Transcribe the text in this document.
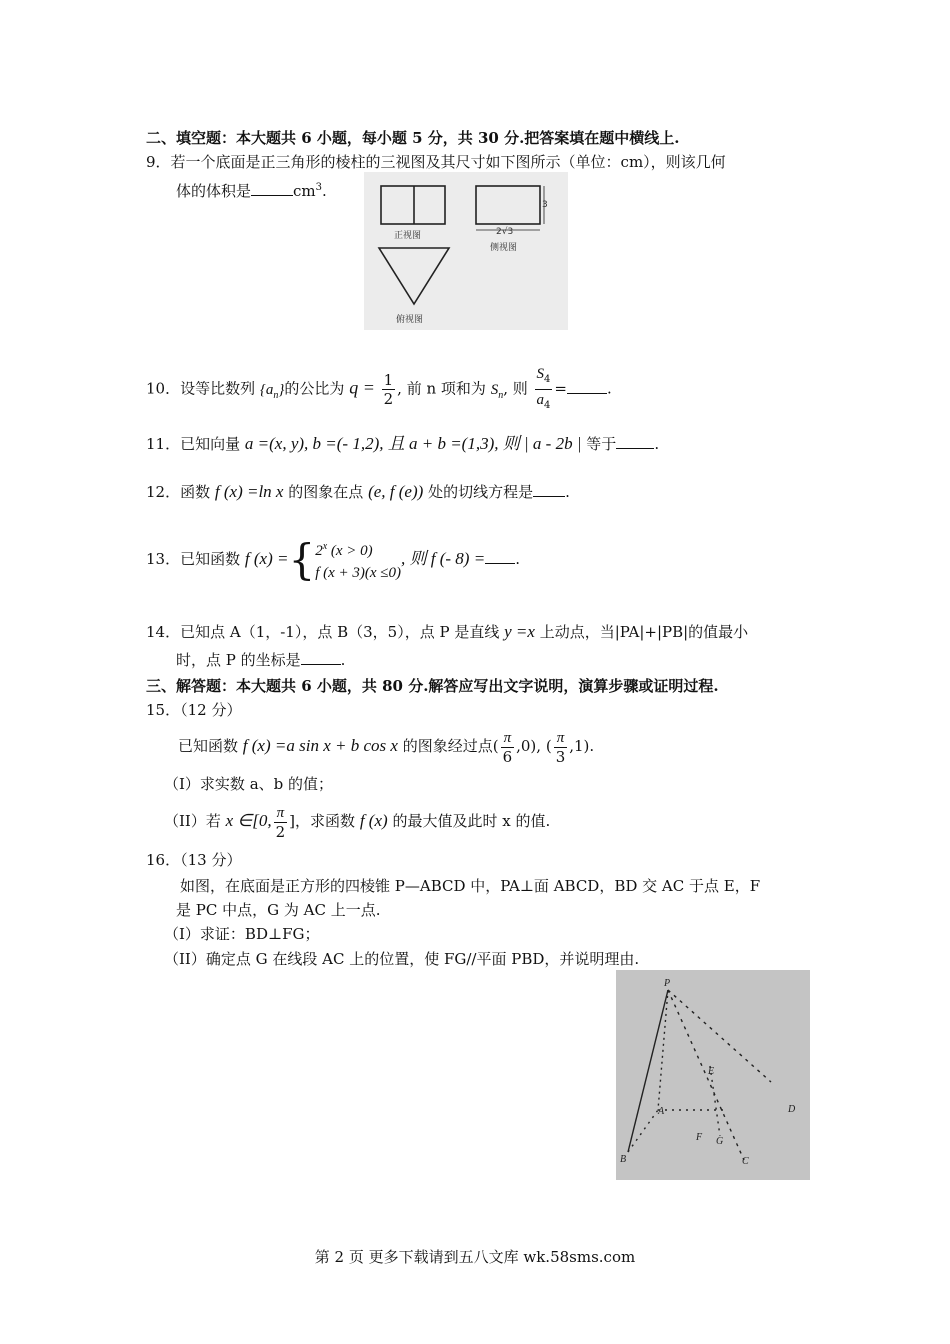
二、填空题：本大题共 6 小题，每小题 5 分，共 30 分.把答案填在题中横线上.
9．若一个底面是正三角形的棱柱的三视图及其尺寸如下图所示（单位：cm），则该几何
体的体积是	$cm^3$.
正视图
3
2√3
侧视图
俯视图
10．设等比数列 $\{a_n\}$的公比为 $q = \frac{1}{2}$ , 前 n 项和为 $S_n$, 则 $\frac{S_4}{a_4}$ =	.
11．已知向量 a =(x, y), b =(- 1,2), 且 a + b =(1,3), 则 | a - 2b | 等于	.
12．函数 f (x) =ln x 的图象在点 (e, f (e)) 处的切线方程是 .
13．已知函数 f (x) ={ 2$^x$ (x > 0)
f (x + 3)(x ≤0)
, 则 f (- 8) = .
14．已知点 A（1，-1），点 B（3，5），点 P 是直线 y =x 上动点，当|PA|+|PB|的值最小
时，点 P 的坐标是	.
三、解答题：本大题共 6 小题，共 80 分.解答应写出文字说明，演算步骤或证明过程.
15．（12 分）
已知函数 f (x) =a sin x + b cos x 的图象经过点( $\frac{\pi}{6} ,0$), ( $\frac{\pi}{3} ,1$).
（I）求实数 a、b 的值；
（II）若 x ∈[0, $\frac{\pi}{2}$ ]，求函数 f (x) 的最大值及此时 x 的值.
16．（13 分）
如图，在底面是正方形的四棱锥 P—ABCD 中，PA⊥面 ABCD，BD 交 AC 于点 E，F
是 PC 中点，G 为 AC 上一点.
（I）求证：BD⊥FG；
（II）确定点 G 在线段 AC 上的位置，使 FG//平面 PBD，并说明理由.
P
A
B	C
D
E
F G
第 2 页 更多下载请到五八文库 wk.58sms.com
